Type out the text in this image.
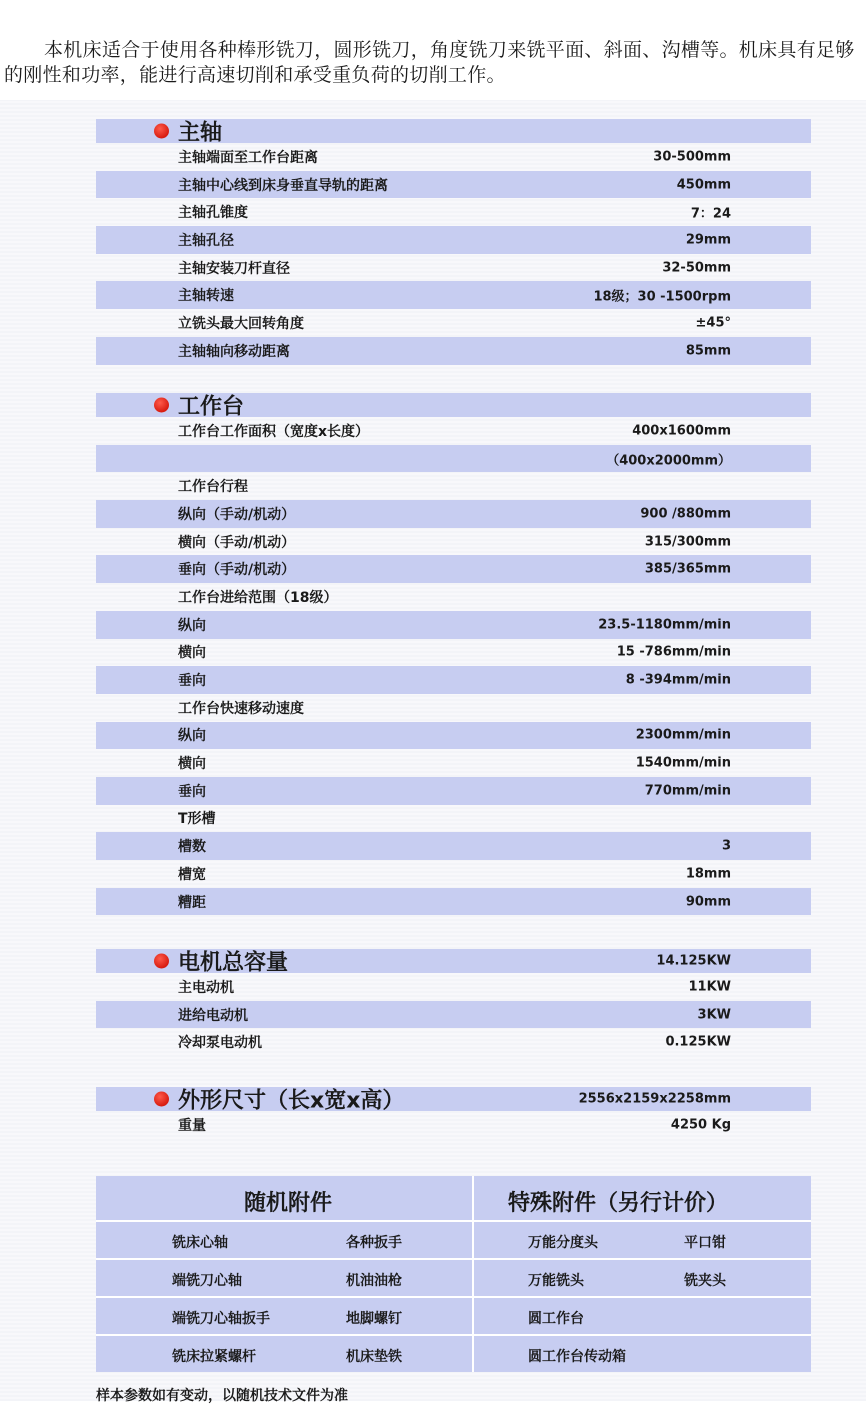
本机床适合于使用各种棒形铣刀，圆形铣刀，角度铣刀来铣平面、斜面、沟槽等。机床具有足够的刚性和功率，能进行高速切削和承受重负荷的切削工作。
主轴
主轴端面至工作台距离	30-500mm
主轴中心线到床身垂直导轨的距离	450mm
主轴孔锥度	7：24
主轴孔径	29mm
主轴安装刀杆直径	32-50mm
主轴转速	18级；30 -1500rpm
立铣头最大回转角度	±45°
主轴轴向移动距离	85mm
工作台
工作台工作面积（宽度x长度）	400x1600mm
（400x2000mm）
工作台行程
纵向（手动/机动）	900 /880mm
横向（手动/机动）	315/300mm
垂向（手动/机动）	385/365mm
工作台进给范围（18级）
纵向	23.5-1180mm/min
横向	15 -786mm/min
垂向	8 -394mm/min
工作台快速移动速度
纵向	2300mm/min
横向	1540mm/min
垂向	770mm/min
T形槽
槽数	3
槽宽	18mm
糟距	90mm
电机总容量	14.125KW
主电动机	11KW
进给电动机	3KW
冷却泵电动机	0.125KW
外形尺寸（长x宽x高）	2556x2159x2258mm
重量	4250 Kg
随机附件	特殊附件（另行计价）
铣床心轴	各种扳手	万能分度头	平口钳
端铣刀心轴	机油油枪	万能铣头	铣夹头
端铣刀心轴扳手	地脚螺钉	圆工作台
铣床拉紧螺杆	机床垫铁	圆工作台传动箱
样本参数如有变动，以随机技术文件为准
